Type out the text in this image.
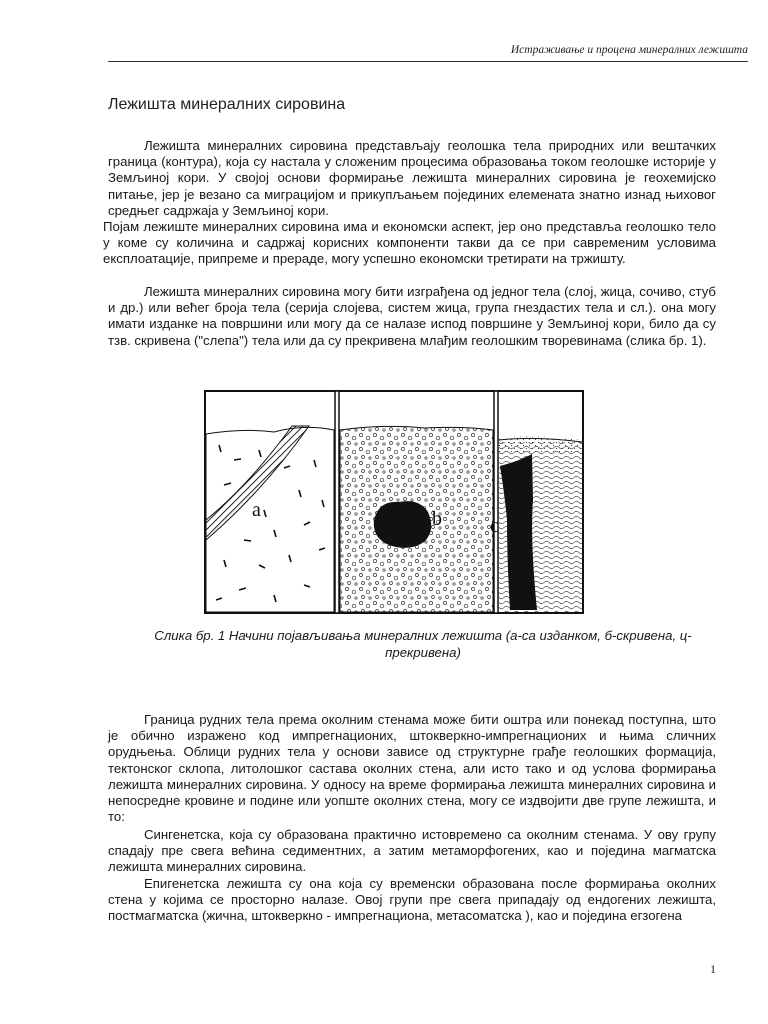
Истраживање и процена минералних лежишта
Лежишта минералних сировина

Лежишта минералних сировина представљају геолошка тела природних или вештачких граница (контура), која су настала у сложеним процесима образовања током геолошке историје у Земљиној кори. У својој основи формирање лежишта минералних сировина је геохемијско питање, јер је везано са миграцијом и прикупљањем појединих елемената знатно изнад њиховог средњег садржаја у Земљиној кори.

Појам лежиште минералних сировина има и економски аспект, јер оно представља геолошко тело у коме су количина и садржај корисних компоненти такви да се при савременим условима експлоатације, припреме и прераде, могу успешно економски третирати на тржишту.

Лежишта минералних сировина могу бити изграђена од једног тела (слој, жица, сочиво, стуб и др.) или већег броја тела (серија слојева, систем жица, група гнездастих тела и сл.). она могу имати изданке на површини или могу да се налазе испод површине у Земљиној кори, било да су тзв. скривена ("слепа") тела или да су прекривена млађим геолошким творевинама (слика бр. 1).

a	b c
Слика бр. 1 Начини појављивања минералних лежишта (а-са изданком, б-скривена, ц-прекривена)

Граница рудних тела према околним стенама може бити оштра или понекад поступна, што је обично изражено код импрегнационих, штокверкно-импрегнационих и њима сличних орудњења. Облици рудних тела у основи зависе од структурне грађе геолошких формација, тектонског склопа, литолошког састава околних стена, али исто тако и од услова формирања лежишта минералних сировина. У односу на време формирања лежишта минералних сировина и непосредне кровине и подине или уопште околних стена, могу се издвојити две групе лежишта, и то:

Сингенетска, која су образована практично истовремено са околним стенама. У ову групу спадају пре свега већина седиментних, а затим метаморфогених, као и поједина магматска лежишта минералних сировина.

Епигенетска лежишта су она која су временски образована после формирања околних стена у којима се просторно налазе. Овој групи пре свега припадају од ендогених лежишта, постмагматска (жична, штокверкно - импрегнациона, метасоматска ), као и поједина егзогена

1
